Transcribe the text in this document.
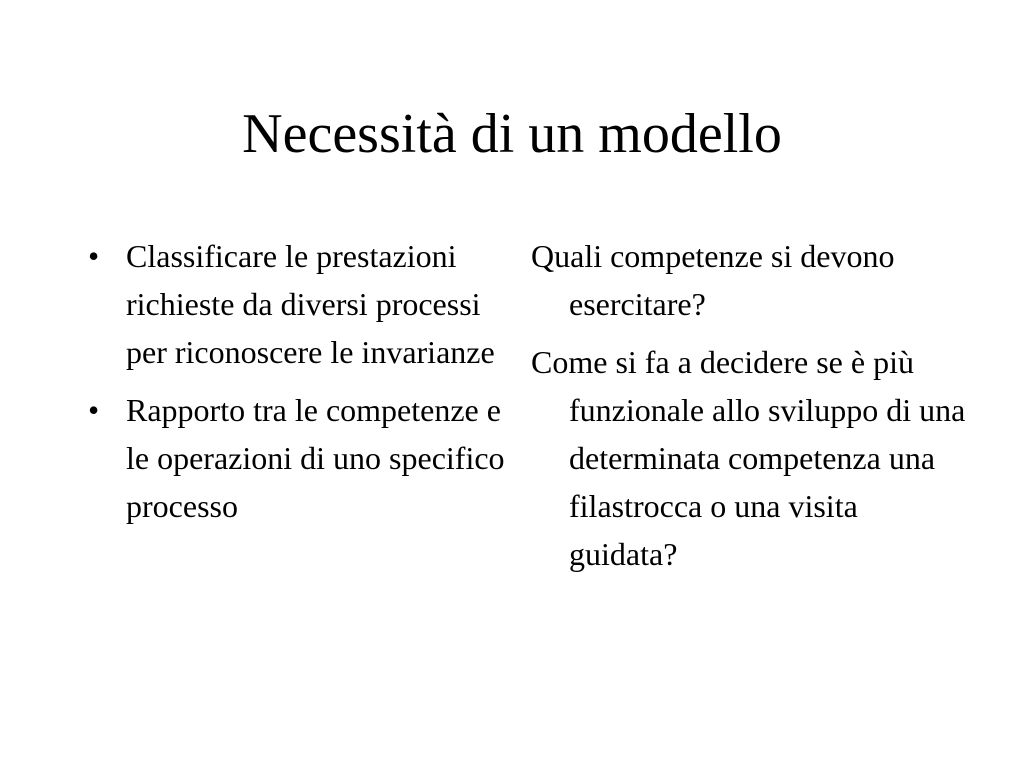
Necessità di un modello
• Classificare le prestazioni richieste da diversi processi per riconoscere le invarianze
• Rapporto tra le competenze e le operazioni di uno specifico processo

Quali competenze si devono esercitare?

Come si fa a decidere se è più funzionale allo sviluppo di una determinata competenza una filastrocca o una visita guidata?
